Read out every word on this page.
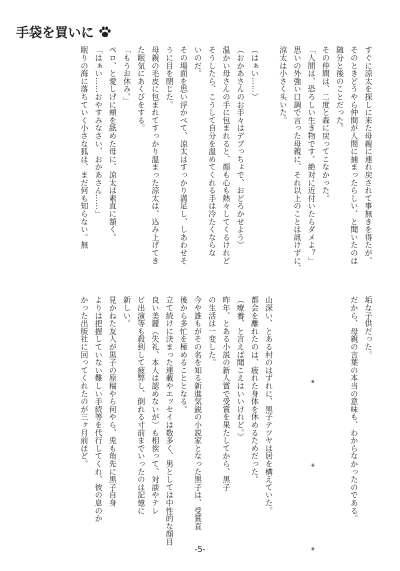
手袋を買いに
すぐに涼太を探しに来た母親に連れ戻されて事無きを得たが、
そのときどうやら仲間が人間に捕まったらしい、と聞いたのは
随分と後のことだった。
その仲間は、二度と森に戻ってこなかった。
「人間は、恐ろしい生き物です。絶対に近付いたらダメよ？」
思いの外強い口調で言った母親に、それ以上のことは訊けずに、
涼太は小さく头いた。

（はぁい……）
（おかあさんのお手々はデブっちょで、おどろかせよう）
温かい母さんの手に包まれると、顔も心も熱々してくるけれど
そうしたら、こうして自分を温めてくれる手は冷たくならな
いのだ。
その場面を思い浮かべて、涼太はすっかり満足し、しあわせそ
うに目を閉じた。
母親の毛皮に包まれてすっかり温まった涼太は、込み上げてき
た眠気にあくびをする。
「もうお休み。」
ペロ、と愛しげに頬を舐めた母に、涼太は素直に頷く。
「はぁい……おやすみなさい、おかあさん……」
眠りの海に落ちていく小さな狐は、まだ何も知らない。無
垢な子供だった。
だから、母親の言葉の本当の意味も、わからなかったのである。

				*				*				*

山深い、とある村のはずれに、黒子テツヤは居を構えていた。
都会を離れたのは、疲れた身体を休めるためだった。
（療養、と言えば聞こえはいいけれど。）
昨年、とある小説の新人賞で受賞を果たしてから、黒子
の生活は一変した。
今や誰もがその名を知る新進気鋭の小説家となった黒子は、受賞直
後から多忙を極めることとなる。
立て続けに決まった連載やエッセイは数多く、男としては中性的な顔目
良い美麗（失礼、本人は認めないが）も相俟って、対談やテレ
ビ出演等も殺到して疲弊し、倒れる寸前までいったのは記憶に
新しい。
見かねた友人が黒子の原稿やら何やら、兎も角先に黒子自身
よりは把握していない難しい手続等を代行してくれ、彼の息のか
かった出版社に回ってくれたのが三ヶ月前ほど。
-5-
